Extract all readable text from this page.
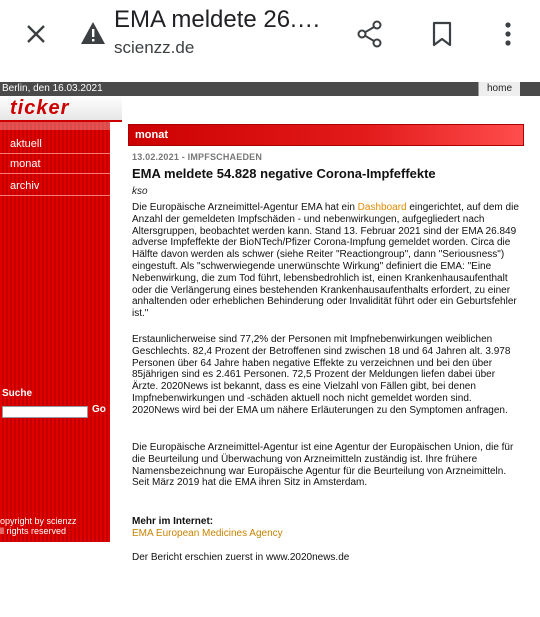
EMA meldete 26.…
scienzz.de
Berlin, den 16.03.2021	home
ticker
aktuell
monat
archiv
Suche
Go
opyright by scienzz
ll rights reserved
monat
13.02.2021 - IMPFSCHAEDEN
EMA meldete 54.828 negative Corona-Impfeffekte
kso

Die Europäische Arzneimittel-Agentur EMA hat ein Dashboard eingerichtet, auf dem die Anzahl der gemeldeten Impfschäden - und nebenwirkungen, aufgegliedert nach Altersgruppen, beobachtet werden kann. Stand 13. Februar 2021 sind der EMA 26.849 adverse Impfeffekte der BioNTech/Pfizer Corona-Impfung gemeldet worden. Circa die Hälfte davon werden als schwer (siehe Reiter "Reactiongroup", dann "Seriousness") eingestuft. Als "schwerwiegende unerwünschte Wirkung" definiert die EMA: "Eine Nebenwirkung, die zum Tod führt, lebensbedrohlich ist, einen Krankenhausaufenthalt oder die Verlängerung eines bestehenden Krankenhausaufenthalts erfordert, zu einer anhaltenden oder erheblichen Behinderung oder Invalidität führt oder ein Geburtsfehler ist."

Erstaunlicherweise sind 77,2% der Personen mit Impfnebenwirkungen weiblichen Geschlechts. 82,4 Prozent der Betroffenen sind zwischen 18 und 64 Jahren alt. 3.978 Personen über 64 Jahre haben negative Effekte zu verzeichnen und bei den über 85jährigen sind es 2.461 Personen. 72,5 Prozent der Meldungen liefen dabei über Ärzte. 2020News ist bekannt, dass es eine Vielzahl von Fällen gibt, bei denen Impfnebenwirkungen und -schäden aktuell noch nicht gemeldet worden sind. 2020News wird bei der EMA um nähere Erläuterungen zu den Symptomen anfragen.

Die Europäische Arzneimittel-Agentur ist eine Agentur der Europäischen Union, die für die Beurteilung und Überwachung von Arzneimitteln zuständig ist. Ihre frühere Namensbezeichnung war Europäische Agentur für die Beurteilung von Arzneimitteln. Seit März 2019 hat die EMA ihren Sitz in Amsterdam.

Mehr im Internet:
EMA European Medicines Agency
Der Bericht erschien zuerst in www.2020news.de
